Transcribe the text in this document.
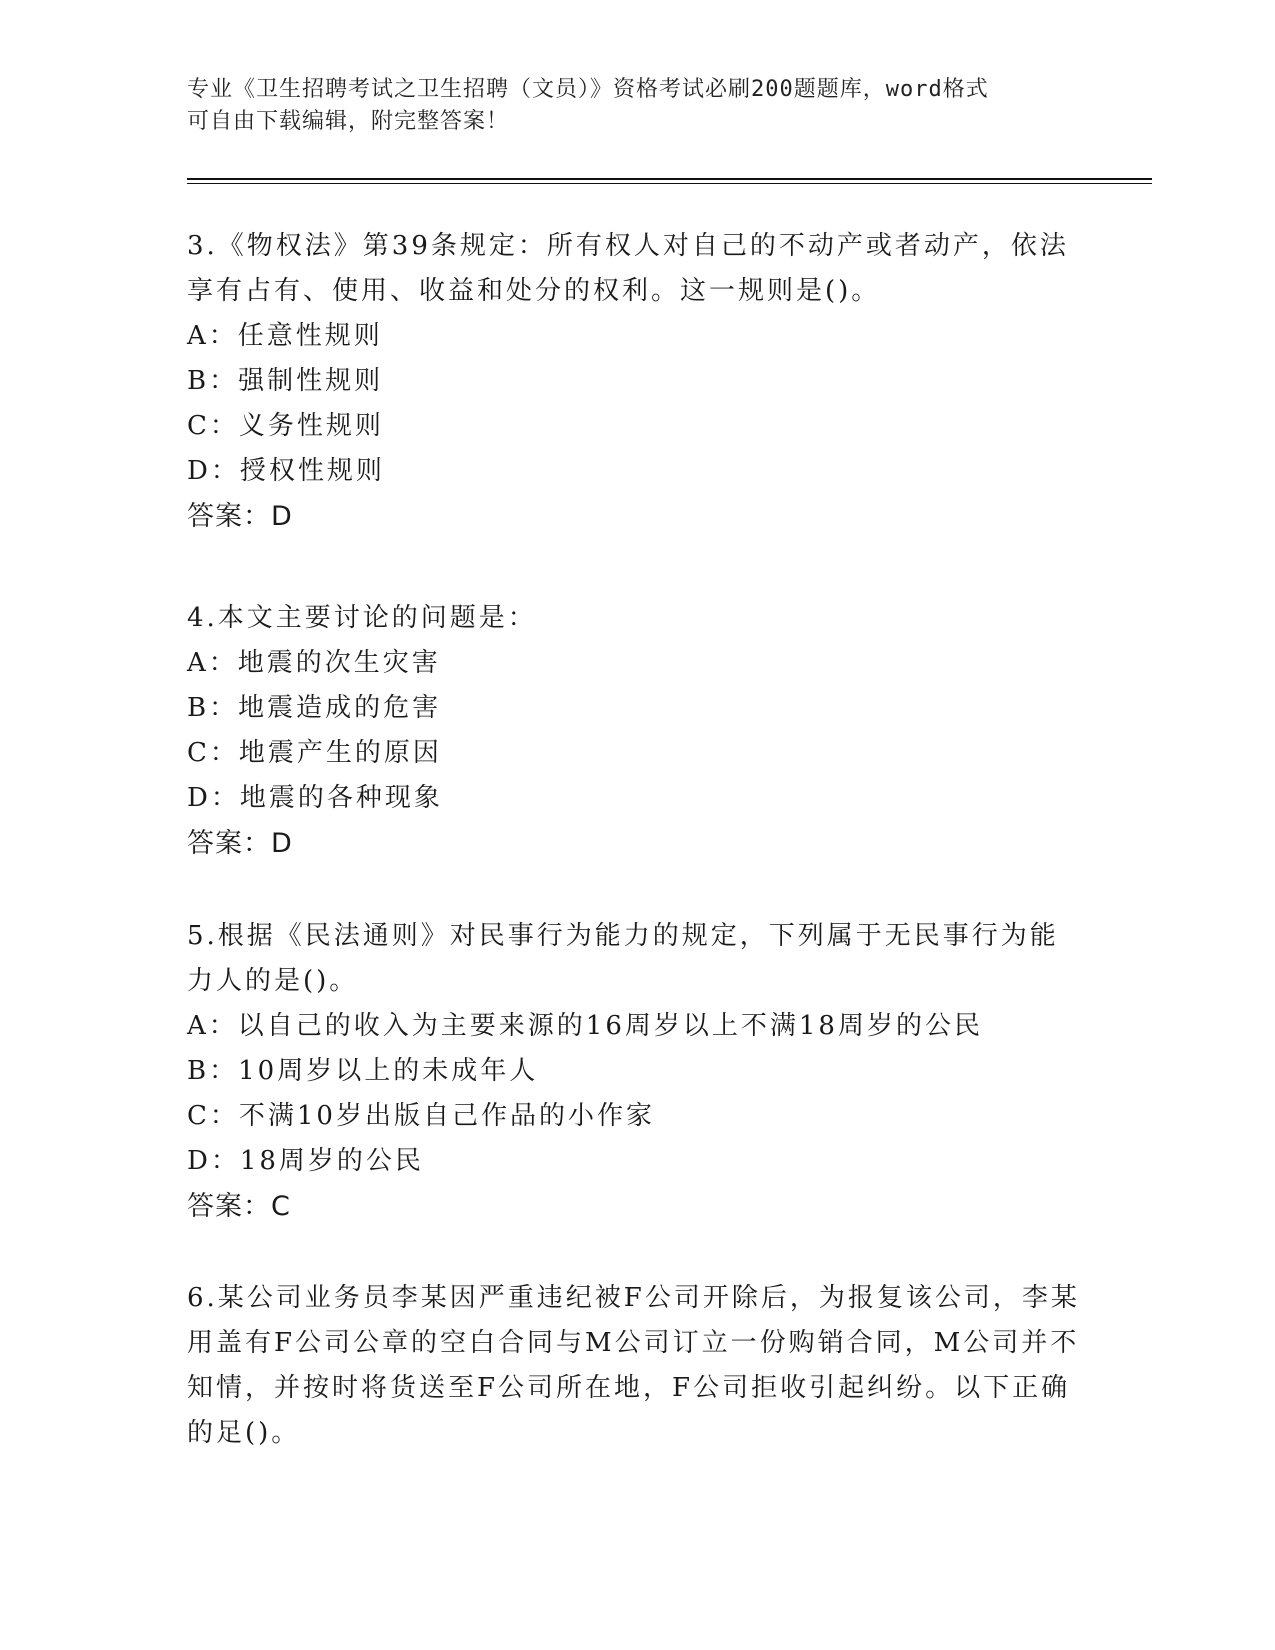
专业《卫生招聘考试之卫生招聘（文员）》资格考试必刷200题题库，word格式
可自由下载编辑，附完整答案！

3.《物权法》第39条规定：所有权人对自己的不动产或者动产，依法享有占有、使用、收益和处分的权利。这一规则是()。

A：任意性规则

B：强制性规则

C：义务性规则

D：授权性规则

答案：D

4.本文主要讨论的问题是：

A：地震的次生灾害

B：地震造成的危害

C：地震产生的原因

D：地震的各种现象

答案：D

5.根据《民法通则》对民事行为能力的规定，下列属于无民事行为能力人的是()。

A：以自己的收入为主要来源的16周岁以上不满18周岁的公民

B：10周岁以上的未成年人

C：不满10岁出版自己作品的小作家

D：18周岁的公民

答案：C

6.某公司业务员李某因严重违纪被F公司开除后，为报复该公司，李某用盖有F公司公章的空白合同与M公司订立一份购销合同，M公司并不知情，并按时将货送至F公司所在地，F公司拒收引起纠纷。以下正确的足()。
